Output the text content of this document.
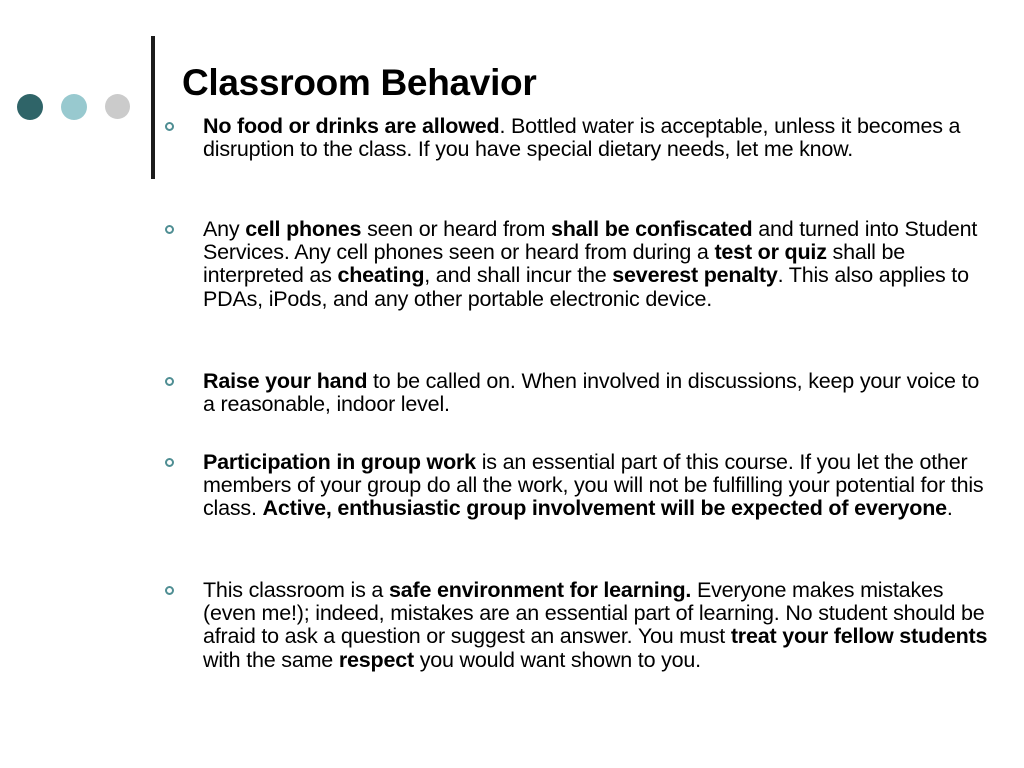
Classroom Behavior
No food or drinks are allowed. Bottled water is acceptable, unless it becomes a disruption to the class. If you have special dietary needs, let me know.
Any cell phones seen or heard from shall be confiscated and turned into Student Services. Any cell phones seen or heard from during a test or quiz shall be interpreted as cheating, and shall incur the severest penalty. This also applies to PDAs, iPods, and any other portable electronic device.
Raise your hand to be called on. When involved in discussions, keep your voice to a reasonable, indoor level.
Participation in group work is an essential part of this course. If you let the other members of your group do all the work, you will not be fulfilling your potential for this class. Active, enthusiastic group involvement will be expected of everyone.
This classroom is a safe environment for learning. Everyone makes mistakes (even me!); indeed, mistakes are an essential part of learning. No student should be afraid to ask a question or suggest an answer. You must treat your fellow students with the same respect you would want shown to you.
